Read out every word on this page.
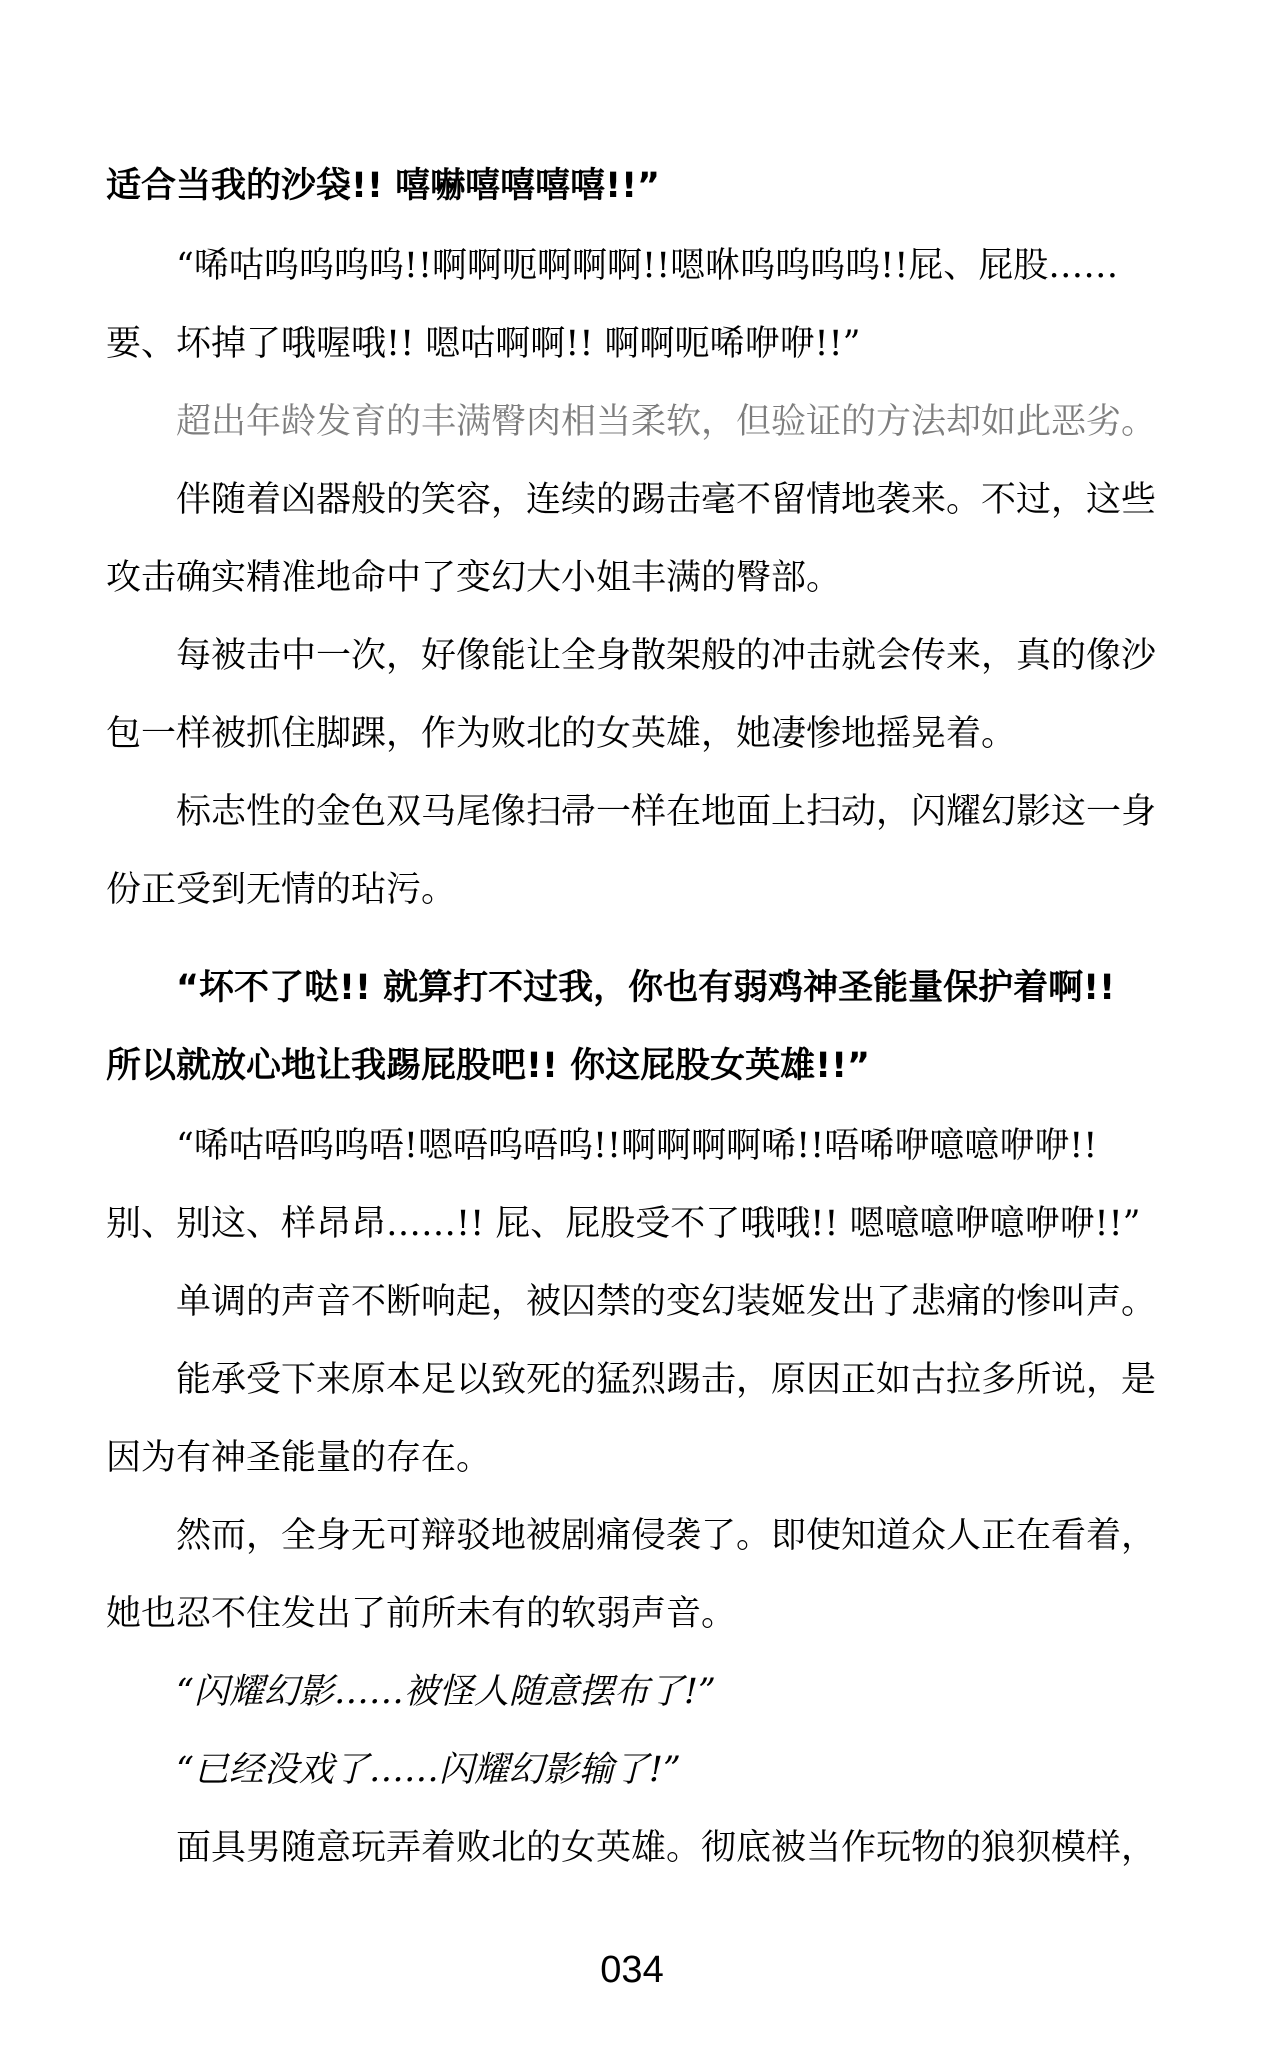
适合当我的沙袋!! 嘻嚇嘻嘻嘻嘻!!”
“唏咕呜呜呜呜!!啊啊呃啊啊啊!!嗯咻呜呜呜呜!!屁、屁股……
要、坏掉了哦喔哦!! 嗯咕啊啊!! 啊啊呃唏咿咿!!”
超出年龄发育的丰满臀肉相当柔软，但验证的方法却如此恶劣。
伴随着凶器般的笑容，连续的踢击毫不留情地袭来。不过，这些
攻击确实精准地命中了变幻大小姐丰满的臀部。
每被击中一次，好像能让全身散架般的冲击就会传来，真的像沙
包一样被抓住脚踝，作为败北的女英雄，她凄惨地摇晃着。
标志性的金色双马尾像扫帚一样在地面上扫动，闪耀幻影这一身
份正受到无情的玷污。
“坏不了哒!! 就算打不过我，你也有弱鸡神圣能量保护着啊!!
所以就放心地让我踢屁股吧!! 你这屁股女英雄!!”
“唏咕唔呜呜唔!嗯唔呜唔呜!!啊啊啊啊唏!!唔唏咿噫噫咿咿!!
别、别这、样昂昂……!! 屁、屁股受不了哦哦!! 嗯噫噫咿噫咿咿!!”
单调的声音不断响起，被囚禁的变幻装姬发出了悲痛的惨叫声。
能承受下来原本足以致死的猛烈踢击，原因正如古拉多所说，是
因为有神圣能量的存在。
然而，全身无可辩驳地被剧痛侵袭了。即使知道众人正在看着，
她也忍不住发出了前所未有的软弱声音。
“闪耀幻影……被怪人随意摆布了!”
“已经没戏了……闪耀幻影输了!”
面具男随意玩弄着败北的女英雄。彻底被当作玩物的狼狈模样，
034
